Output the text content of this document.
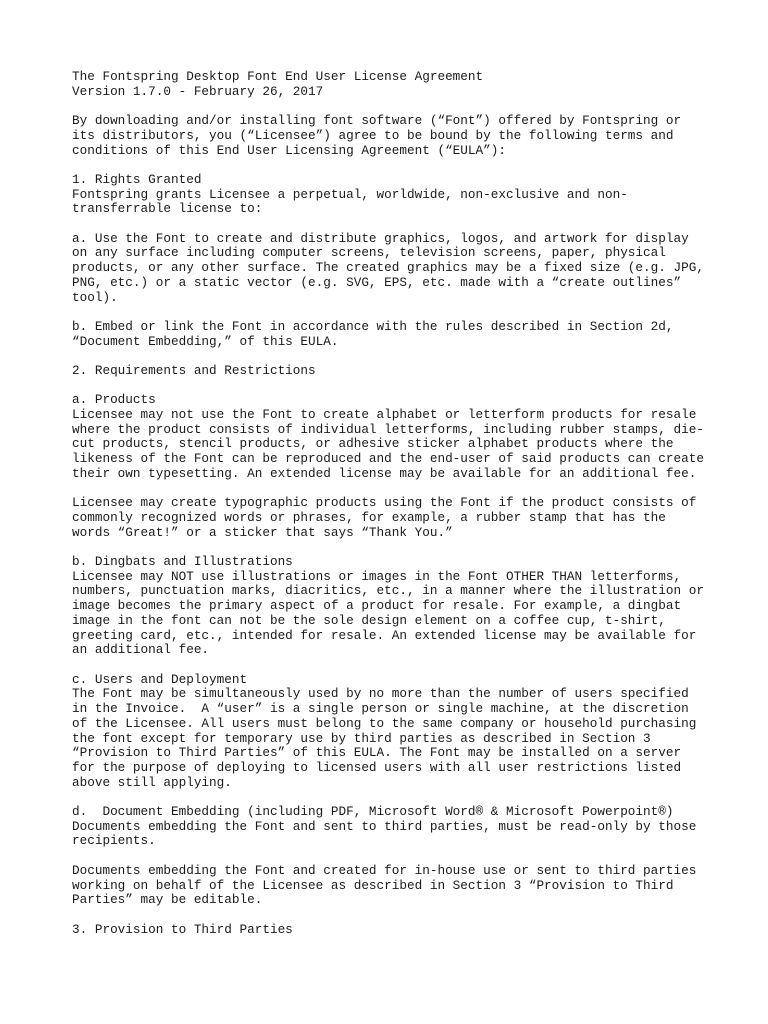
The Fontspring Desktop Font End User License Agreement
Version 1.7.0 - February 26, 2017
By downloading and/or installing font software (“Font”) offered by Fontspring or
its distributors, you (“Licensee”) agree to be bound by the following terms and
conditions of this End User Licensing Agreement (“EULA”):
1. Rights Granted
Fontspring grants Licensee a perpetual, worldwide, non-exclusive and non-
transferrable license to:
a. Use the Font to create and distribute graphics, logos, and artwork for display
on any surface including computer screens, television screens, paper, physical
products, or any other surface. The created graphics may be a fixed size (e.g. JPG,
PNG, etc.) or a static vector (e.g. SVG, EPS, etc. made with a “create outlines”
tool).
b. Embed or link the Font in accordance with the rules described in Section 2d,
“Document Embedding,” of this EULA.
2. Requirements and Restrictions
a. Products
Licensee may not use the Font to create alphabet or letterform products for resale
where the product consists of individual letterforms, including rubber stamps, die-
cut products, stencil products, or adhesive sticker alphabet products where the
likeness of the Font can be reproduced and the end-user of said products can create
their own typesetting. An extended license may be available for an additional fee.
Licensee may create typographic products using the Font if the product consists of
commonly recognized words or phrases, for example, a rubber stamp that has the
words “Great!” or a sticker that says “Thank You.”
b. Dingbats and Illustrations
Licensee may NOT use illustrations or images in the Font OTHER THAN letterforms,
numbers, punctuation marks, diacritics, etc., in a manner where the illustration or
image becomes the primary aspect of a product for resale. For example, a dingbat
image in the font can not be the sole design element on a coffee cup, t-shirt,
greeting card, etc., intended for resale. An extended license may be available for
an additional fee.
c. Users and Deployment
The Font may be simultaneously used by no more than the number of users specified
in the Invoice.  A “user” is a single person or single machine, at the discretion
of the Licensee. All users must belong to the same company or household purchasing
the font except for temporary use by third parties as described in Section 3
“Provision to Third Parties” of this EULA. The Font may be installed on a server
for the purpose of deploying to licensed users with all user restrictions listed
above still applying.
d.  Document Embedding (including PDF, Microsoft Word® & Microsoft Powerpoint®)
Documents embedding the Font and sent to third parties, must be read-only by those
recipients.
Documents embedding the Font and created for in-house use or sent to third parties
working on behalf of the Licensee as described in Section 3 “Provision to Third
Parties” may be editable.
3. Provision to Third Parties
